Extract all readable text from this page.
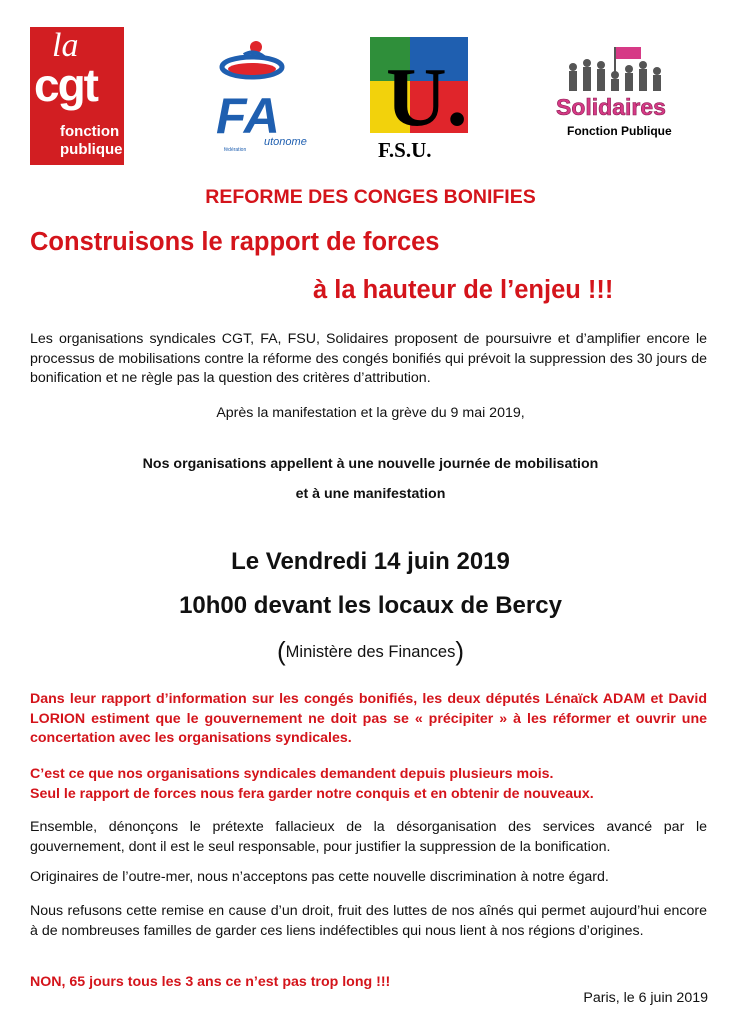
la
cgt
fonction
publique
FA
utonome
fédération
U.
F.S.U.
Solidaires
Fonction Publique
REFORME DES CONGES BONIFIES
Construisons le rapport de forces
à la hauteur de l’enjeu !!!
Les organisations syndicales CGT, FA, FSU, Solidaires proposent de poursuivre et d’amplifier encore le processus de mobilisations contre la réforme des congés bonifiés qui prévoit la suppression des 30 jours de bonification et ne règle pas la question des critères d’attribution.
Après la manifestation et la grève du 9 mai 2019,
Nos organisations appellent à une nouvelle journée de mobilisation
et à une manifestation
Le Vendredi 14 juin 2019
10h00 devant les locaux de Bercy
(Ministère des Finances)
Dans leur rapport d’information sur les congés bonifiés, les deux députés Lénaïck ADAM et David LORION estiment que le gouvernement ne doit pas se « précipiter » à les réformer et ouvrir une concertation avec les organisations syndicales.
C’est ce que nos organisations syndicales demandent depuis plusieurs mois.
Seul le rapport de forces nous fera garder notre conquis et en obtenir de nouveaux.
Ensemble, dénonçons le prétexte fallacieux de la désorganisation des services avancé par le gouvernement, dont il est le seul responsable, pour justifier la suppression de la bonification.
Originaires de l’outre-mer, nous n’acceptons pas cette nouvelle discrimination à notre égard.
Nous refusons cette remise en cause d’un droit, fruit des luttes de nos aînés qui permet aujourd’hui encore à de nombreuses familles de garder ces liens indéfectibles qui nous lient à nos régions d’origines.
NON, 65 jours tous les 3 ans ce n’est pas trop long !!!
Paris, le 6 juin 2019
